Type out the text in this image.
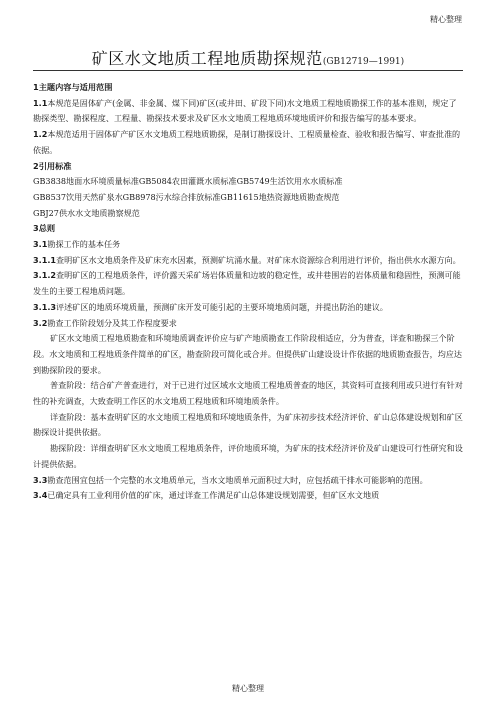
精心整理
矿区水文地质工程地质勘探规范(GB12719—1991)

1主题内容与适用范围

1.1本规范是固体矿产(金属、非金属、煤下同)矿区(或井田、矿段下同)水文地质工程地质勘探工作的基本准则，规定了勘探类型、勘探程度、工程量、勘探技术要求及矿区水文地质工程地质环境地质评价和报告编写的基本要求。

1.2本规范适用于固体矿产矿区水文地质工程地质勘探，是制订勘探设计、工程质量检查、验收和报告编写、审查批准的依据。

2引用标准

GB3838地面水环境质量标准GB5084农田灌溉水质标准GB5749生活饮用水水质标准

GB8537饮用天然矿泉水GB8978污水综合排放标准GB11615地热资源地质勘查规范

GBJ27供水水文地质勘察规范

3总则

3.1勘探工作的基本任务

3.1.1查明矿区水文地质条件及矿床充水因素，预测矿坑涌水量。对矿床水资源综合利用进行评价，指出供水水源方向。

3.1.2查明矿区的工程地质条件，评价露天采矿场岩体质量和边坡的稳定性，或井巷围岩的岩体质量和稳固性，预测可能发生的主要工程地质问题。

3.1.3评述矿区的地质环境质量，预测矿床开发可能引起的主要环境地质问题，并提出防治的建议。

3.2勘查工作阶段划分及其工作程度要求

矿区水文地质工程地质勘查和环境地质调查评价应与矿产地质勘查工作阶段相适应，分为普查，详查和勘探三个阶段。水文地质和工程地质条件简单的矿区，勘查阶段可简化或合并。但提供矿山建设设计作依据的地质勘查报告，均应达到勘探阶段的要求。

普查阶段：结合矿产普查进行，对于已进行过区域水文地质工程地质普查的地区，其资料可直接利用或只进行有针对性的补充调查，大致查明工作区的水文地质工程地质和环境地质条件。

详查阶段：基本查明矿区的水文地质工程地质和环境地质条件，为矿床初步技术经济评价、矿山总体建设规划和矿区勘探设计提供依据。

勘探阶段：详细查明矿区水文地质工程地质条件，评价地质环境，为矿床的技术经济评价及矿山建设可行性研究和设计提供依据。

3.3勘查范围宜包括一个完整的水文地质单元，当水文地质单元面积过大时，应包括疏干排水可能影响的范围。

3.4已确定具有工业利用价值的矿床，通过详查工作满足矿山总体建设规划需要，但矿区水文地质

精心整理
